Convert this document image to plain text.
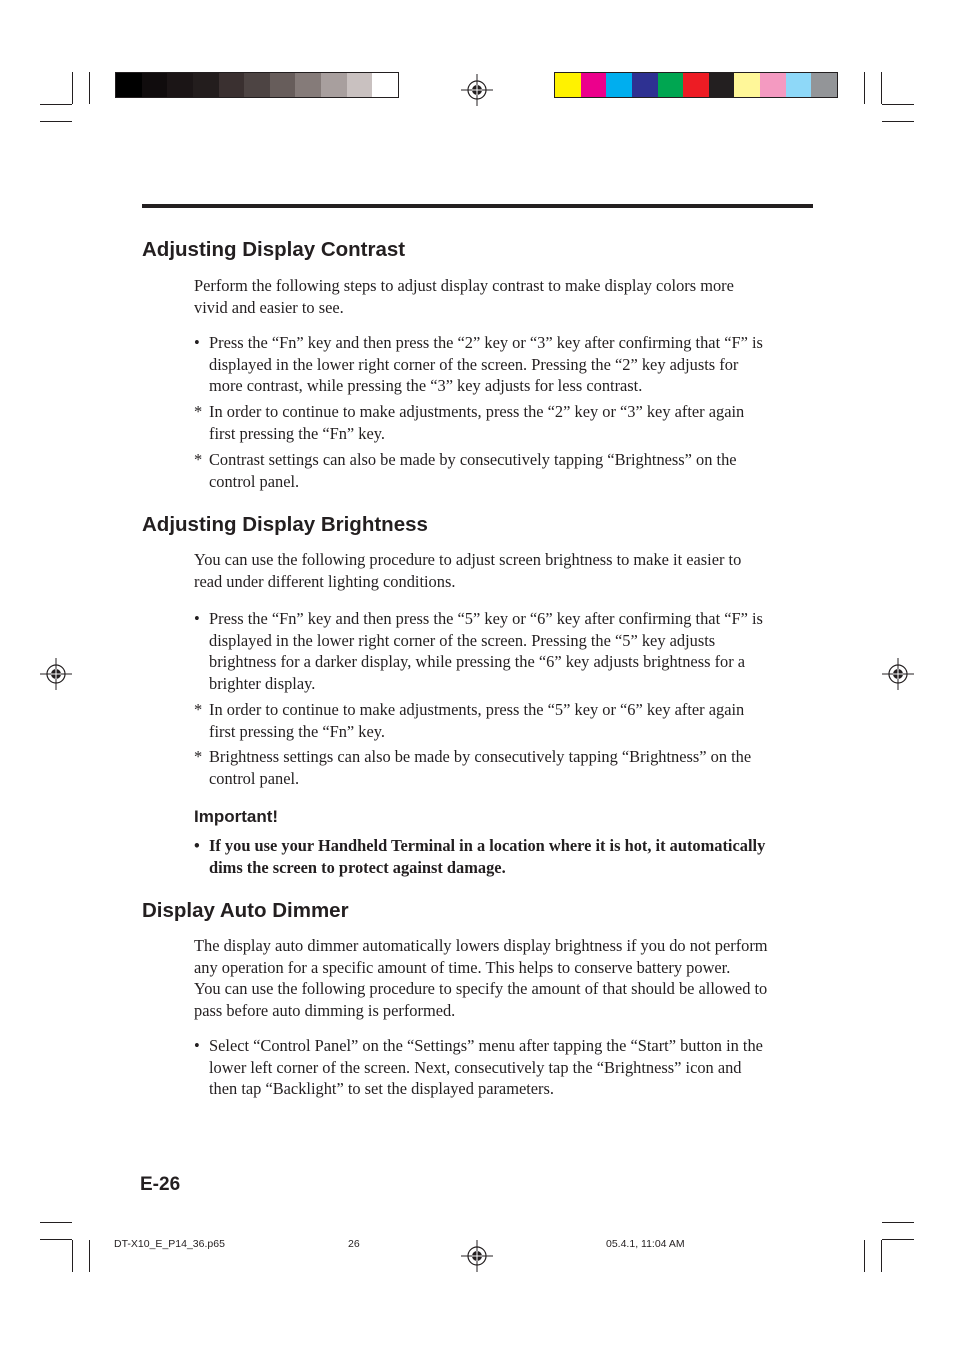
Adjusting Display Contrast
Perform the following steps to adjust display contrast to make display colors more
vivid and easier to see.
• Press the “Fn” key and then press the “2” key or “3” key after confirming that “F” is
displayed in the lower right corner of the screen. Pressing the “2” key adjusts for
more contrast, while pressing the “3” key adjusts for less contrast.
* In order to continue to make adjustments, press the “2” key or “3” key after again
first pressing the “Fn” key.
* Contrast settings can also be made by consecutively tapping “Brightness” on the
control panel.
Adjusting Display Brightness
You can use the following procedure to adjust screen brightness to make it easier to
read under different lighting conditions.
• Press the “Fn” key and then press the “5” key or “6” key after confirming that “F” is
displayed in the lower right corner of the screen. Pressing the “5” key adjusts
brightness for a darker display, while pressing the “6” key adjusts brightness for a
brighter display.
* In order to continue to make adjustments, press the “5” key or “6” key after again
first pressing the “Fn” key.
* Brightness settings can also be made by consecutively tapping “Brightness” on the
control panel.

Important!

• If you use your Handheld Terminal in a location where it is hot, it automatically
dims the screen to protect against damage.
Display Auto Dimmer
The display auto dimmer automatically lowers display brightness if you do not perform
any operation for a specific amount of time. This helps to conserve battery power.
You can use the following procedure to specify the amount of that should be allowed to
pass before auto dimming is performed.
• Select “Control Panel” on the “Settings” menu after tapping the “Start” button in the
lower left corner of the screen. Next, consecutively tap the “Brightness” icon and
then tap “Backlight” to set the displayed parameters.
E-26
DT-X10_E_P14_36.p65	26	05.4.1, 11:04 AM
